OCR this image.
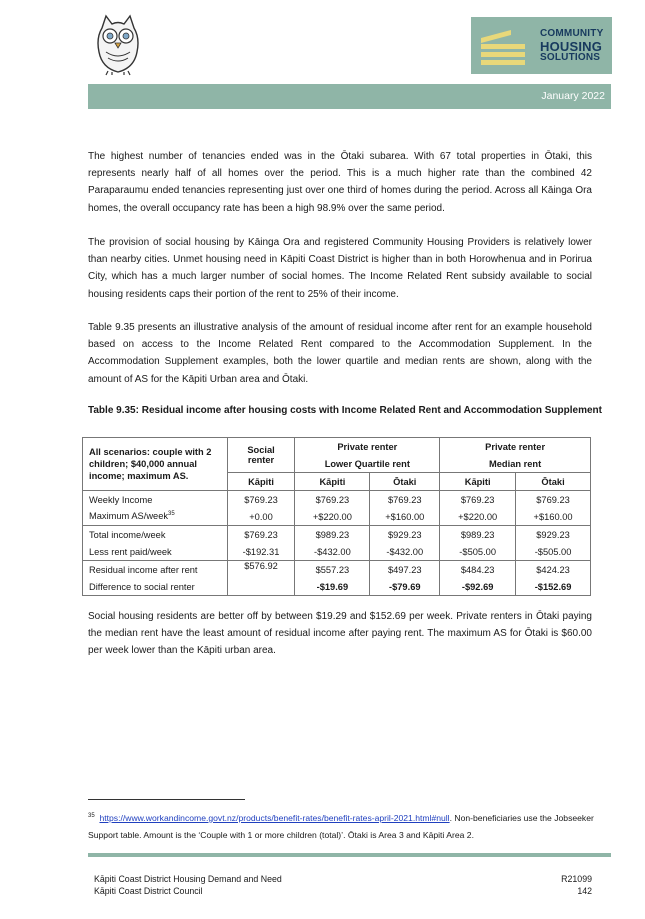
COMMUNITY
HOUSING
SOLUTIONS
January 2022

The highest number of tenancies ended was in the Ōtaki subarea. With 67 total properties in Ōtaki, this represents nearly half of all homes over the period. This is a much higher rate than the combined 42 Paraparaumu ended tenancies representing just over one third of homes during the period. Across all Kāinga Ora homes, the overall occupancy rate has been a high 98.9% over the same period.

The provision of social housing by Kāinga Ora and registered Community Housing Providers is relatively lower than nearby cities. Unmet housing need in Kāpiti Coast District is higher than in both Horowhenua and in Porirua City, which has a much larger number of social homes. The Income Related Rent subsidy available to social housing residents caps their portion of the rent to 25% of their income.

Table 9.35 presents an illustrative analysis of the amount of residual income after rent for an example household based on access to the Income Related Rent compared to the Accommodation Supplement. In the Accommodation Supplement examples, both the lower quartile and median rents are shown, along with the amount of AS for the Kāpiti Urban area and Ōtaki.

Table 9.35: Residual income after housing costs with Income Related Rent and Accommodation Supplement

All scenarios: couple with 2 children; $40,000 annual income; maximum AS.	Social renter	Private renter		Private renter	
		Lower Quartile rent		Median rent	
	Kāpiti	Kāpiti	Ōtaki	Kāpiti	Ōtaki
Weekly Income	$769.23	$769.23	$769.23	$769.23	$769.23
Maximum AS/week$^{35}$	+0.00	+$220.00	+$160.00	+$220.00	+$160.00
Total income/week	$769.23	$989.23	$929.23	$989.23	$929.23
Less rent paid/week	-$192.31	-$432.00	-$432.00	-$505.00	-$505.00
Residual income after rent	$576.92	$557.23	$497.23	$484.23	$424.23
Difference to social renter		-$19.69	-$79.69	-$92.69	-$152.69

Social housing residents are better off by between $19.29 and $152.69 per week. Private renters in Ōtaki paying the median rent have the least amount of residual income after paying rent. The maximum AS for Ōtaki is $60.00 per week lower than the Kāpiti urban area.

$^{35}$ https://www.workandincome.govt.nz/products/benefit-rates/benefit-rates-april-2021.html#null. Non-beneficiaries use the Jobseeker Support table. Amount is the ‘Couple with 1 or more children (total)’. Ōtaki is Area 3 and Kāpiti Area 2.

Kāpiti Coast District Housing Demand and Need
Kāpiti Coast District Council
R21099
142
